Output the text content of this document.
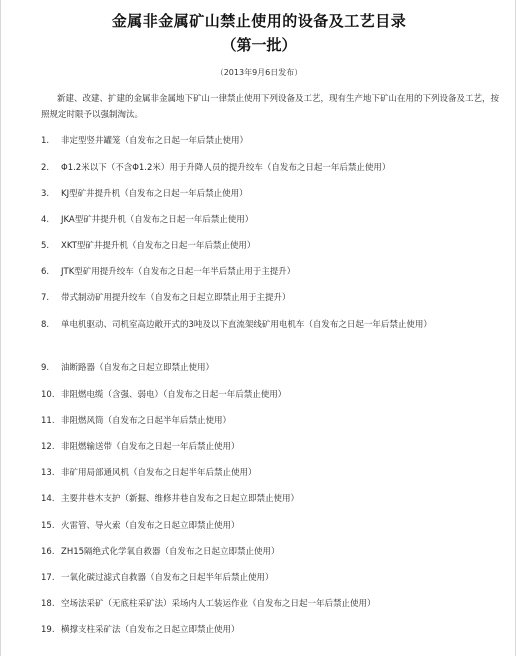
金属非金属矿山禁止使用的设备及工艺目录
（第一批）
（2013年9月6日发布）
新建、改建、扩建的金属非金属地下矿山一律禁止使用下列设备及工艺，现有生产地下矿山在用的下列设备及工艺，按照规定时限予以强制淘汰。
1. 非定型竖井罐笼（自发布之日起一年后禁止使用）
2. Φ1.2米以下（不含Φ1.2米）用于升降人员的提升绞车（自发布之日起一年后禁止使用）
3. KJ型矿井提升机（自发布之日起一年后禁止使用）
4. JKA型矿井提升机（自发布之日起一年后禁止使用）
5. XKT型矿井提升机（自发布之日起一年后禁止使用）
6. JTK型矿用提升绞车（自发布之日起一年半后禁止用于主提升）
7. 带式制动矿用提升绞车（自发布之日起立即禁止用于主提升）
8. 单电机驱动、司机室高边敞开式的3吨及以下直流架线矿用电机车（自发布之日起一年后禁止使用）
9. 油断路器（自发布之日起立即禁止使用）
10. 非阻燃电缆（含强、弱电）（自发布之日起一年后禁止使用）
11. 非阻燃风筒（自发布之日起半年后禁止使用）
12. 非阻燃输送带（自发布之日起一年后禁止使用）
13. 非矿用局部通风机（自发布之日起半年后禁止使用）
14. 主要井巷木支护（新掘、维修井巷自发布之日起立即禁止使用）
15. 火雷管、导火索（自发布之日起立即禁止使用）
16. ZH15隔绝式化学氧自救器（自发布之日起立即禁止使用）
17. 一氧化碳过滤式自救器（自发布之日起半年后禁止使用）
18. 空场法采矿（无底柱采矿法）采场内人工装运作业（自发布之日起一年后禁止使用）
19. 横撑支柱采矿法（自发布之日起立即禁止使用）
